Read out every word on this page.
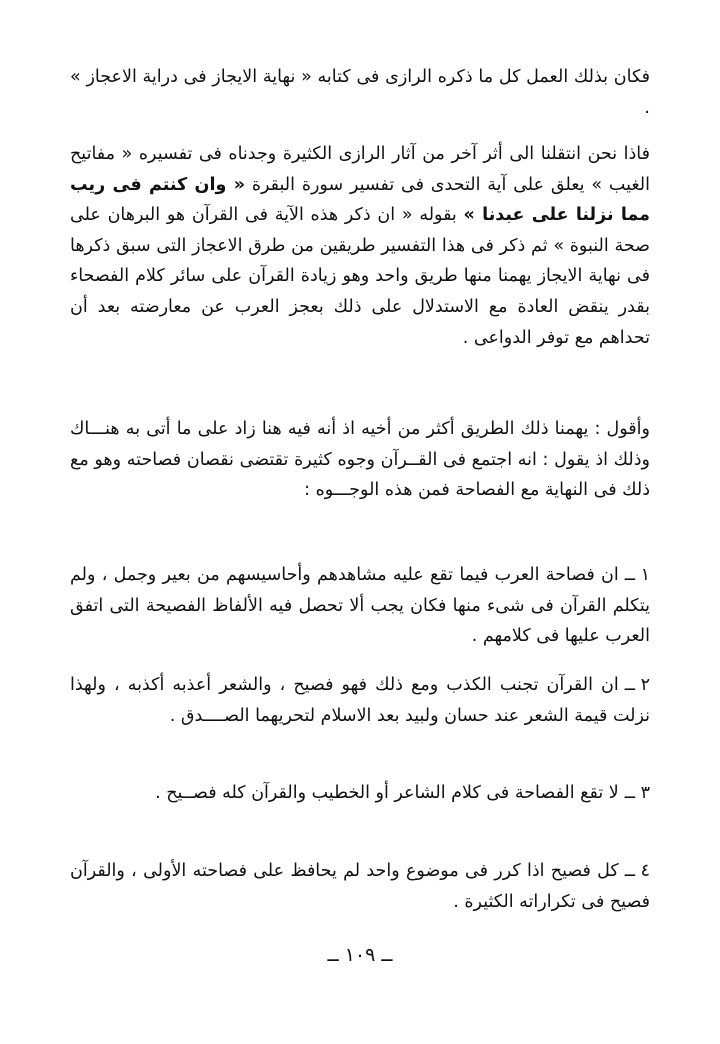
فكان بذلك العمل كل ما ذكره الرازى فى كتابه « نهاية الايجاز فى دراية الاعجاز » .

فاذا نحن انتقلنا الى أثر آخر من آثار الرازى الكثيرة وجدناه فى تفسيره « مفاتيح الغيب » يعلق على آية التحدى فى تفسير سورة البقرة « وان كنتم فى ريب مما نزلنا على عبدنا » بقوله « ان ذكر هذه الآية فى القرآن هو البرهان على صحة النبوة » ثم ذكر فى هذا التفسير طريقين من طرق الاعجاز التى سبق ذكرها فى نهاية الايجاز يهمنا منها طريق واحد وهو زيادة القرآن على سائر كلام الفصحاء بقدر ينقض العادة مع الاستدلال على ذلك بعجز العرب عن معارضته بعد أن تحداهم مع توفر الدواعى .

وأقول : يهمنا ذلك الطريق أكثر من أخيه اذ أنه فيه هنا زاد على ما أتى به هنـــاك وذلك اذ يقول : انه اجتمع فى القــرآن وجوه كثيرة تقتضى نقصان فصاحته وهو مع ذلك فى النهاية مع الفصاحة فمن هذه الوجـــوه :

١ ــان فصاحة العرب فيما تقع عليه مشاهدهم وأحاسيسهم من بعير وجمل ، ولم يتكلم القرآن فى شىء منها فكان يجب ألا تحصل فيه الألفاظ الفصيحة التى اتفق العرب عليها فى كلامهم .

٢ ــان القرآن تجنب الكذب ومع ذلك فهو فصيح ، والشعر أعذبه أكذبه ، ولهذا نزلت قيمة الشعر عند حسان ولبيد بعد الاسلام لتحريهما الصــــدق .

٣ ــلا تقع الفصاحة فى كلام الشاعر أو الخطيب والقرآن كله فصــيح .

٤ ــكل فصيح اذا كرر فى موضوع واحد لم يحافظ على فصاحته الأولى ، والقرآن فصيح فى تكراراته الكثيرة .

ــ ١٠٩ ــ
